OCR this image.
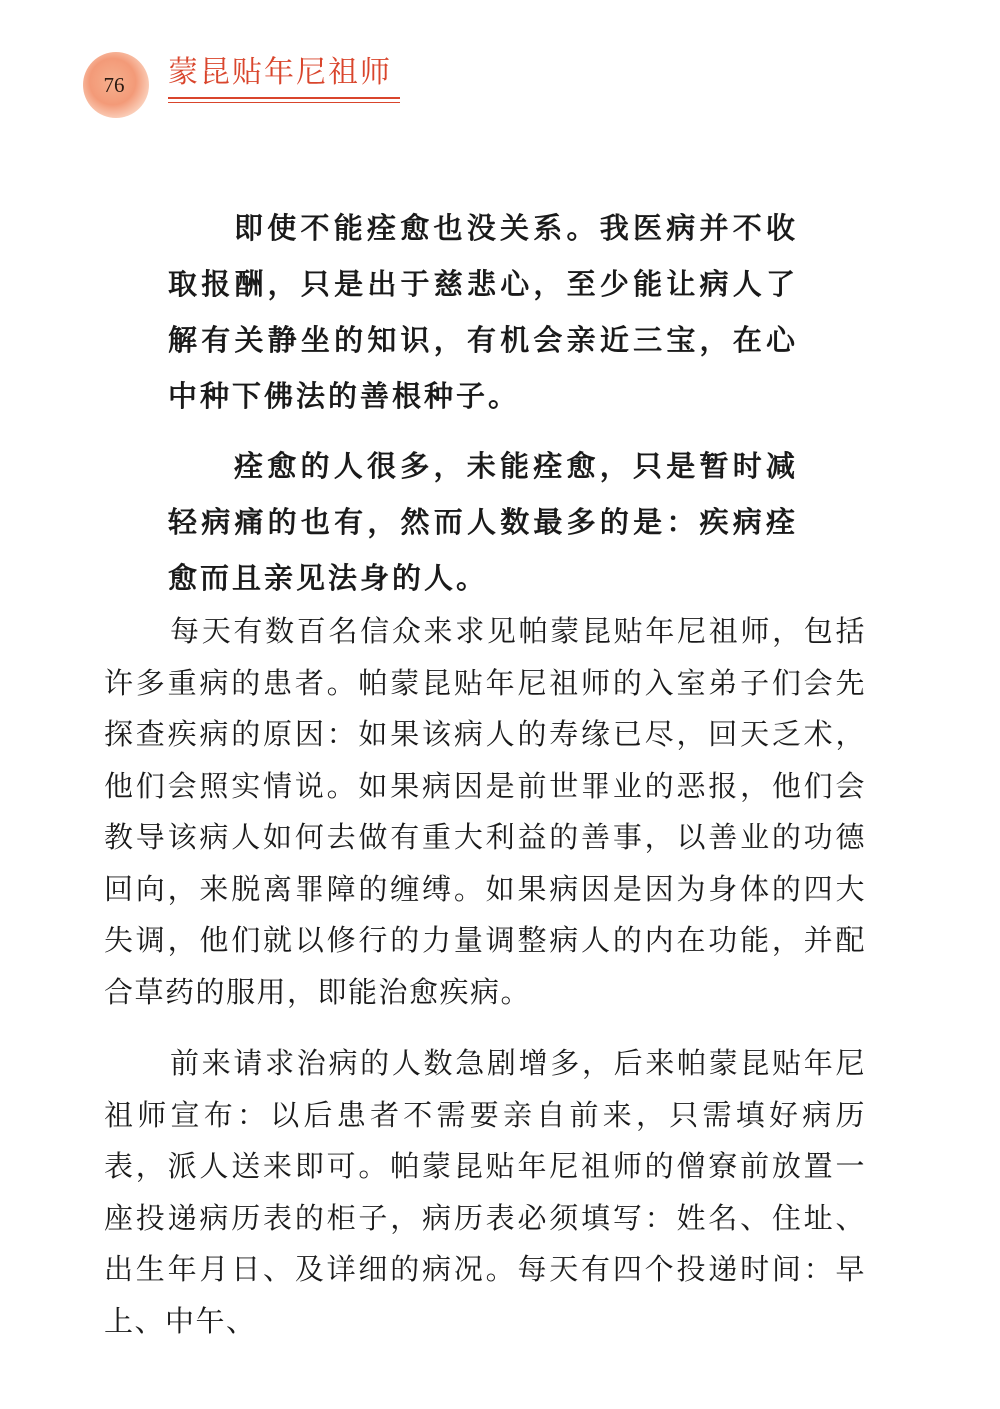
76 蒙昆贴年尼祖师

即使不能痊愈也没关系。我医病并不收取报酬，只是出于慈悲心，至少能让病人了解有关静坐的知识，有机会亲近三宝，在心中种下佛法的善根种子。

痊愈的人很多，未能痊愈，只是暂时减轻病痛的也有，然而人数最多的是：疾病痊愈而且亲见法身的人。

每天有数百名信众来求见帕蒙昆贴年尼祖师，包括许多重病的患者。帕蒙昆贴年尼祖师的入室弟子们会先探查疾病的原因：如果该病人的寿缘已尽，回天乏术，他们会照实情说。如果病因是前世罪业的恶报，他们会教导该病人如何去做有重大利益的善事，以善业的功德回向，来脱离罪障的缠缚。如果病因是因为身体的四大失调，他们就以修行的力量调整病人的内在功能，并配合草药的服用，即能治愈疾病。

前来请求治病的人数急剧增多，后来帕蒙昆贴年尼祖师宣布：以后患者不需要亲自前来，只需填好病历表，派人送来即可。帕蒙昆贴年尼祖师的僧寮前放置一座投递病历表的柜子，病历表必须填写：姓名、住址、出生年月日、及详细的病况。每天有四个投递时间：早上、中午、
